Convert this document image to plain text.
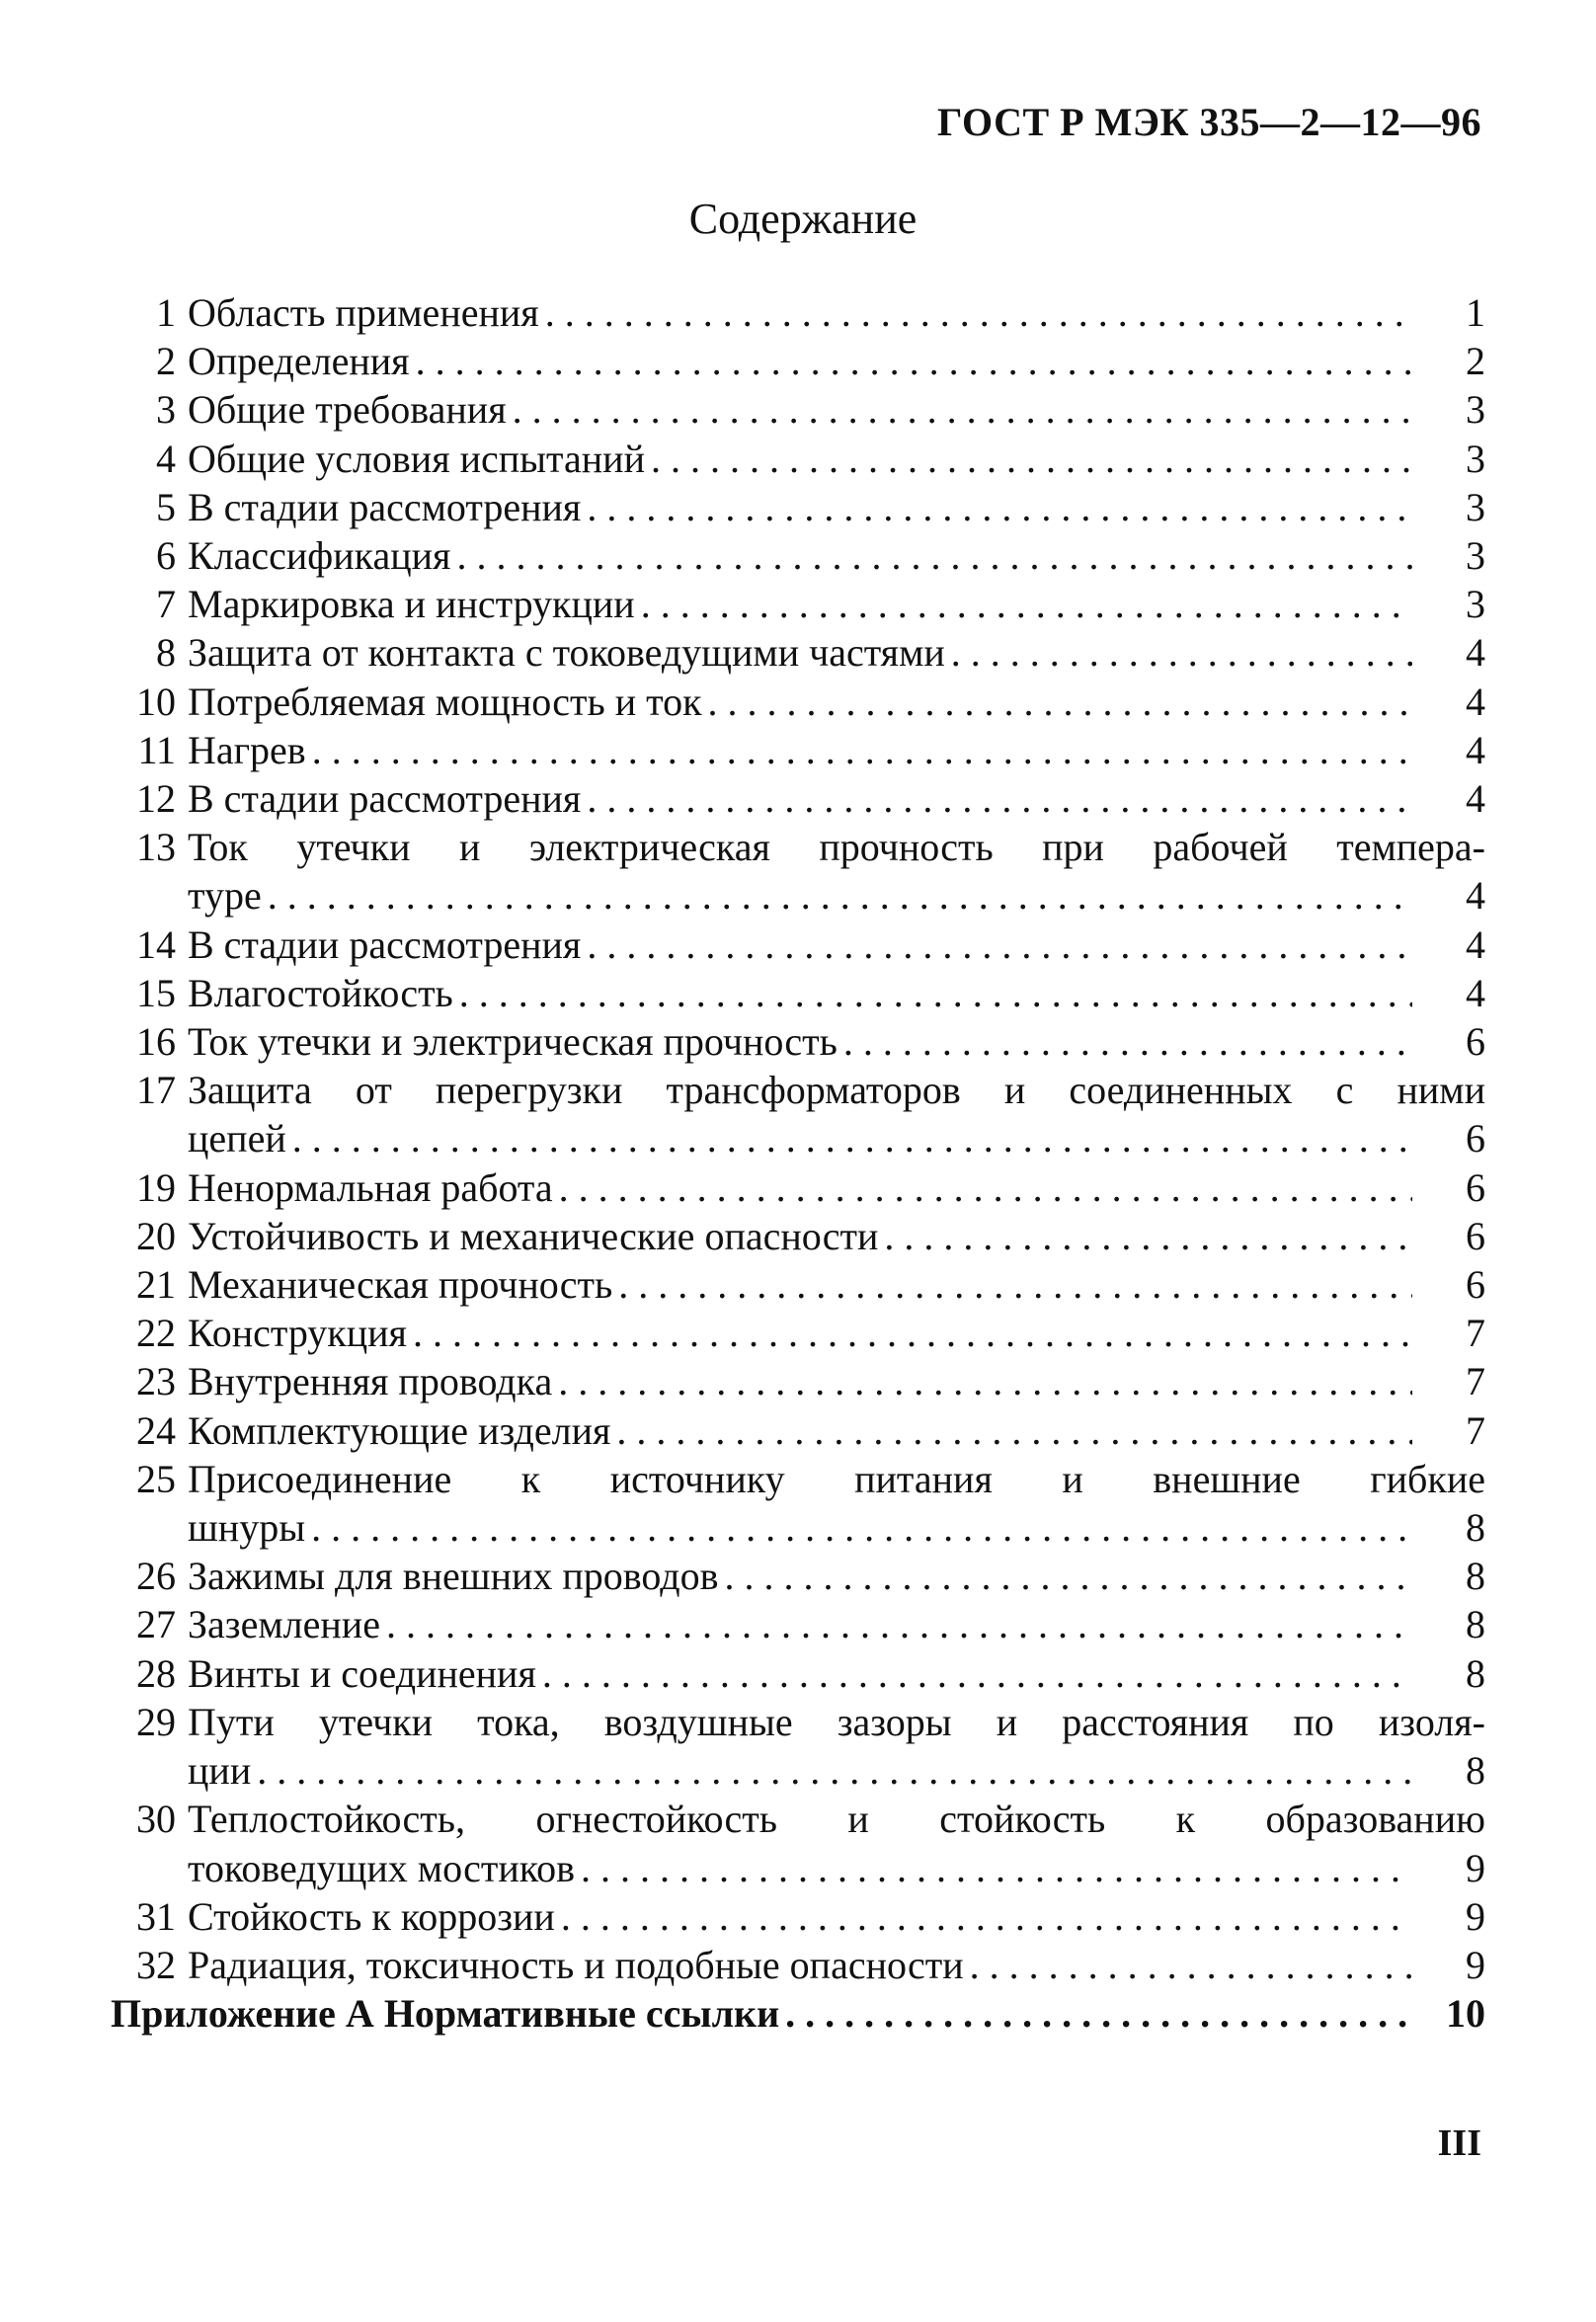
ГОСТ Р МЭК 335—2—12—96
Содержание
1 Область применения . . .	1
2 Определения . . .	2
3 Общие требования . . .	3
4 Общие условия испытаний . . .	3
5 В стадии рассмотрения . . .	3
6 Классификация . . .	3
7 Маркировка и инструкции . . .	3
8 Защита от контакта с токоведущими частями . . .	4
10 Потребляемая мощность и ток . . .	4
11 Нагрев . . .	4
12 В стадии рассмотрения . . .	4
13 Ток утечки и электрическая прочность при рабочей темпера-
туре . . .	4
14 В стадии рассмотрения . . .	4
15 Влагостойкость . . .	4
16 Ток утечки и электрическая прочность . . .	6
17 Защита от перегрузки трансформаторов и соединенных с ними
цепей . . .	6
19 Ненормальная работа . . .	6
20 Устойчивость и механические опасности . . .	6
21 Механическая прочность . . .	6
22 Конструкция . . .	7
23 Внутренняя проводка . . .	7
24 Комплектующие изделия . . .	7
25 Присоединение к источнику питания и внешние гибкие
шнуры . . .	8
26 Зажимы для внешних проводов . . .	8
27 Заземление . . .	8
28 Винты и соединения . . .	8
29 Пути утечки тока, воздушные зазоры и расстояния по изоля-
ции . . .	8
30 Теплостойкость, огнестойкость и стойкость к образованию
токоведущих мостиков . . .	9
31 Стойкость к коррозии . . .	9
32 Радиация, токсичность и подобные опасности . . .	9
Приложение А Нормативные ссылки . . .	10
III
